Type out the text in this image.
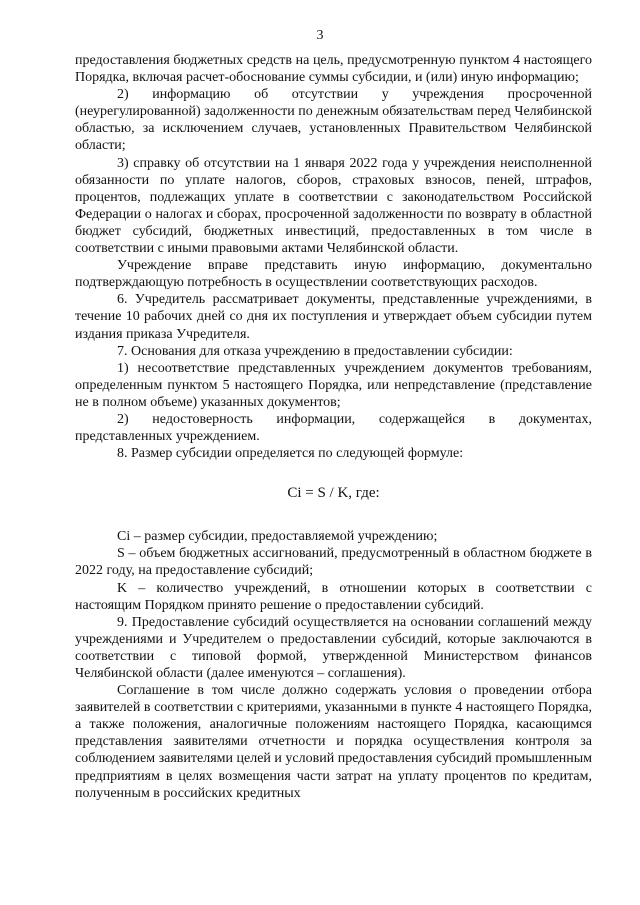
3

предоставления бюджетных средств на цель, предусмотренную пунктом 4 настоящего Порядка, включая расчет-обоснование суммы субсидии, и (или) иную информацию;

2) информацию об отсутствии у учреждения просроченной (неурегулированной) задолженности по денежным обязательствам перед Челябинской областью, за исключением случаев, установленных Правительством Челябинской области;

3) справку об отсутствии на 1 января 2022 года у учреждения неисполненной обязанности по уплате налогов, сборов, страховых взносов, пеней, штрафов, процентов, подлежащих уплате в соответствии с законодательством Российской Федерации о налогах и сборах, просроченной задолженности по возврату в областной бюджет субсидий, бюджетных инвестиций, предоставленных в том числе в соответствии с иными правовыми актами Челябинской области.

Учреждение вправе представить иную информацию, документально подтверждающую потребность в осуществлении соответствующих расходов.

6. Учредитель рассматривает документы, представленные учреждениями, в течение 10 рабочих дней со дня их поступления и утверждает объем субсидии путем издания приказа Учредителя.

7. Основания для отказа учреждению в предоставлении субсидии:

1) несоответствие представленных учреждением документов требованиям, определенным пунктом 5 настоящего Порядка, или непредставление (представление не в полном объеме) указанных документов;

2) недостоверность информации, содержащейся в документах, представленных учреждением.

8. Размер субсидии определяется по следующей формуле:

Ci = S / K, где:

Ci – размер субсидии, предоставляемой учреждению;

S – объем бюджетных ассигнований, предусмотренный в областном бюджете в 2022 году, на предоставление субсидий;

K – количество учреждений, в отношении которых в соответствии с настоящим Порядком принято решение о предоставлении субсидий.

9. Предоставление субсидий осуществляется на основании соглашений между учреждениями и Учредителем о предоставлении субсидий, которые заключаются в соответствии с типовой формой, утвержденной Министерством финансов Челябинской области (далее именуются – соглашения).

Соглашение в том числе должно содержать условия о проведении отбора заявителей в соответствии с критериями, указанными в пункте 4 настоящего Порядка, а также положения, аналогичные положениям настоящего Порядка, касающимся представления заявителями отчетности и порядка осуществления контроля за соблюдением заявителями целей и условий предоставления субсидий промышленным предприятиям в целях возмещения части затрат на уплату процентов по кредитам, полученным в российских кредитных
